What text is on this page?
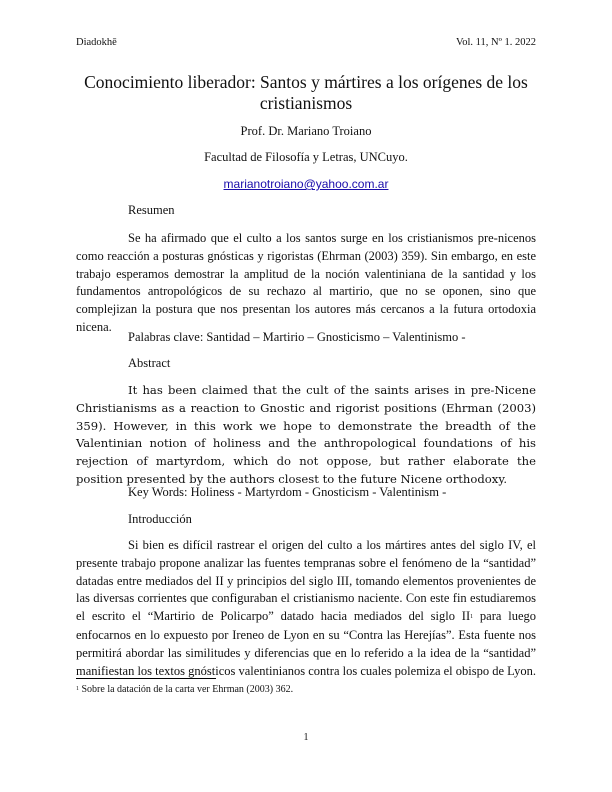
Diadokhē	Vol. 11, Nº 1. 2022
Conocimiento liberador: Santos y mártires a los orígenes de los cristianismos
Prof. Dr. Mariano Troiano
Facultad de Filosofía y Letras, UNCuyo.
marianotroiano@yahoo.com.ar
Resumen

Se ha afirmado que el culto a los santos surge en los cristianismos pre-nicenos como reacción a posturas gnósticas y rigoristas (Ehrman (2003) 359). Sin embargo, en este trabajo esperamos demostrar la amplitud de la noción valentiniana de la santidad y los fundamentos antropológicos de su rechazo al martirio, que no se oponen, sino que complejizan la postura que nos presentan los autores más cercanos a la futura ortodoxia nicena.

Palabras clave: Santidad – Martirio – Gnosticismo – Valentinismo -
Abstract

It has been claimed that the cult of the saints arises in pre-Nicene Christianisms as a reaction to Gnostic and rigorist positions (Ehrman (2003) 359). However, in this work we hope to demonstrate the breadth of the Valentinian notion of holiness and the anthropological foundations of his rejection of martyrdom, which do not oppose, but rather elaborate the position presented by the authors closest to the future Nicene orthodoxy.

Key Words: Holiness - Martyrdom - Gnosticism - Valentinism -
Introducción

Si bien es difícil rastrear el origen del culto a los mártires antes del siglo IV, el presente trabajo propone analizar las fuentes tempranas sobre el fenómeno de la “santidad” datadas entre mediados del II y principios del siglo III, tomando elementos provenientes de las diversas corrientes que configuraban el cristianismo naciente. Con este fin estudiaremos el escrito el “Martirio de Policarpo” datado hacia mediados del siglo II$^1$ para luego enfocarnos en lo expuesto por Ireneo de Lyon en su “Contra las Herejías”. Esta fuente nos permitirá abordar las similitudes y diferencias que en lo referido a la idea de la “santidad” manifiestan los textos gnósticos valentinianos contra los cuales polemiza el obispo de Lyon.

$^1$ Sobre la datación de la carta ver Ehrman (2003) 362.
1
